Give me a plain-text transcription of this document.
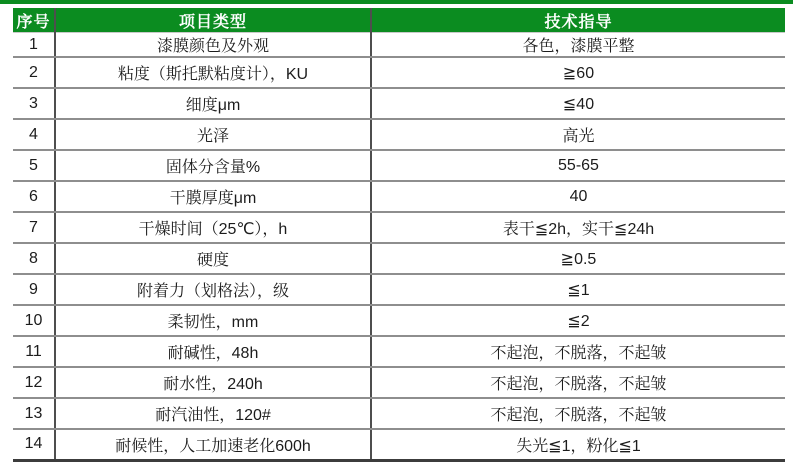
序号	项目类型	技术指导
1	漆膜颜色及外观	各色，漆膜平整
2	粘度（斯托默粘度计），KU	≧60
3	细度μm	≦40
4	光泽	高光
5	固体分含量%	55-65
6	干膜厚度μm	40
7	干燥时间（25℃），h	表干≦2h，实干≦24h
8	硬度	≧0.5
9	附着力（划格法），级	≦1
10	柔韧性，mm	≦2
11	耐碱性，48h	不起泡，不脱落，不起皱
12	耐水性，240h	不起泡，不脱落，不起皱
13	耐汽油性，120#	不起泡，不脱落，不起皱
14	耐候性，人工加速老化600h	失光≦1，粉化≦1
